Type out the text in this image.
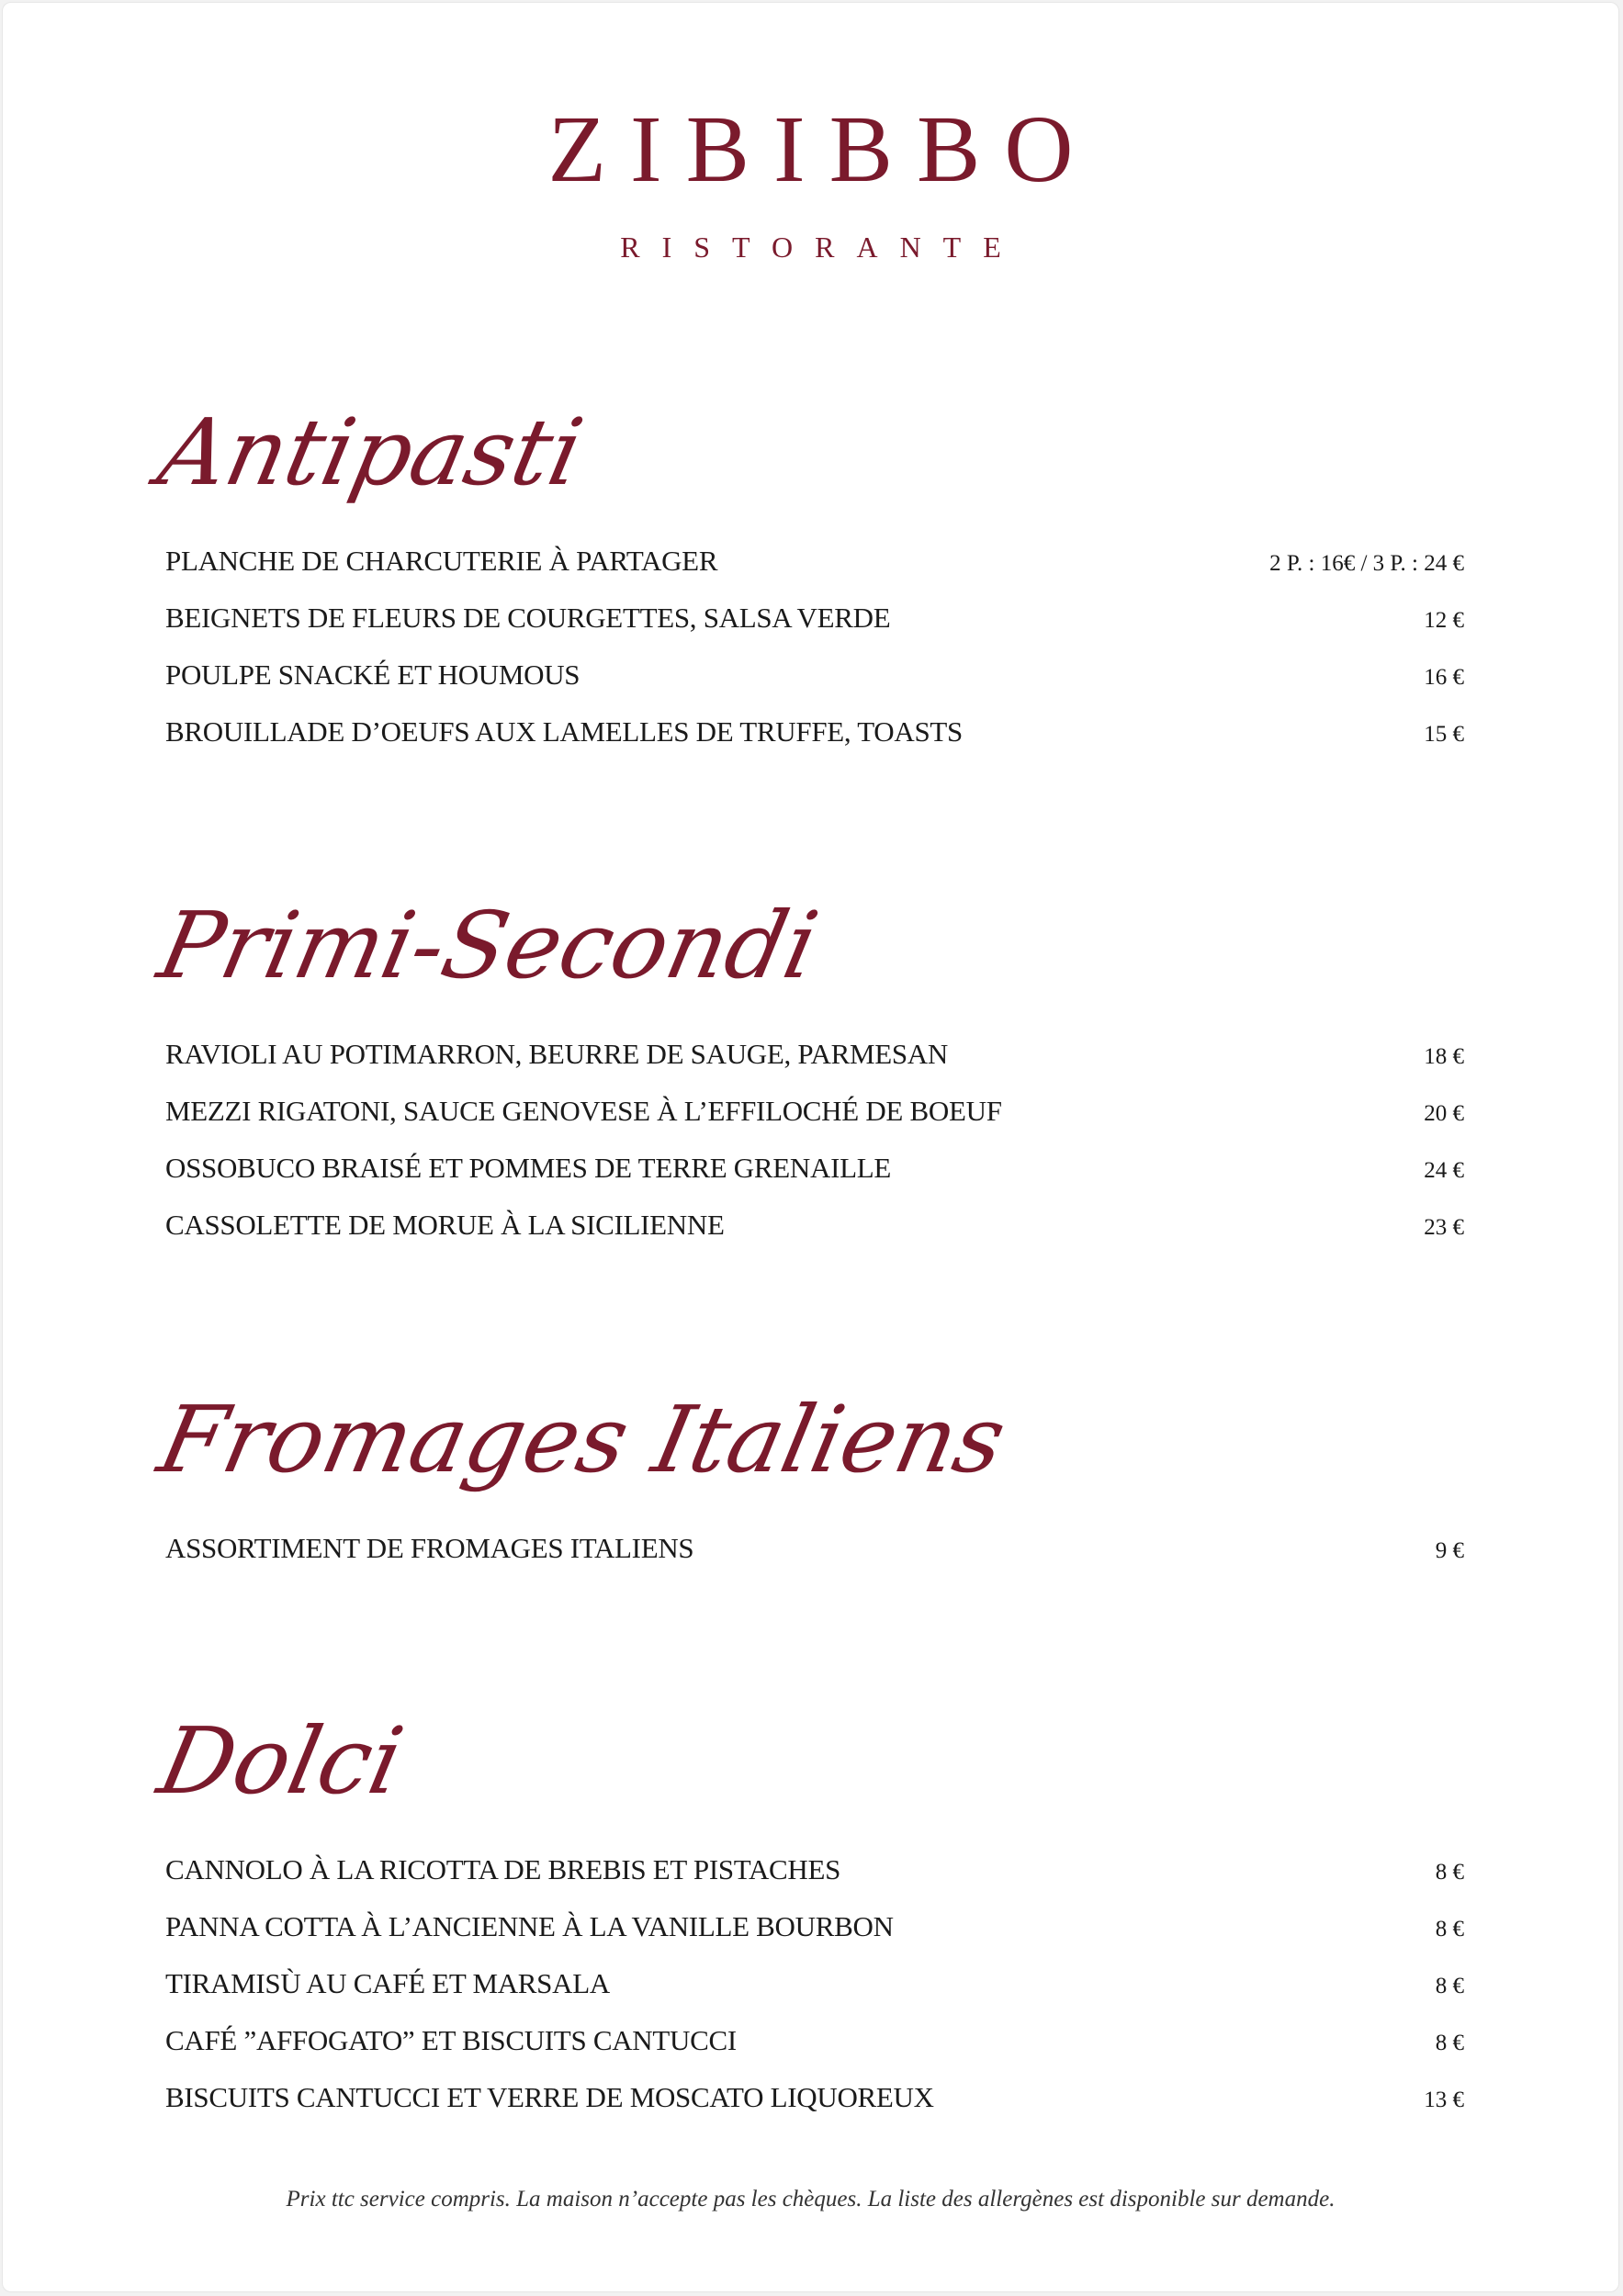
ZIBIBBO
RISTORANTE
Antipasti
PLANCHE DE CHARCUTERIE À PARTAGER	2 P. : 16€ / 3 P. : 24 €
BEIGNETS DE FLEURS DE COURGETTES, SALSA VERDE	12 €
POULPE SNACKÉ ET HOUMOUS	16 €
BROUILLADE D’OEUFS AUX LAMELLES DE TRUFFE, TOASTS	15 €
Primi-Secondi
RAVIOLI AU POTIMARRON, BEURRE DE SAUGE, PARMESAN	18 €
MEZZI RIGATONI, SAUCE GENOVESE À L’EFFILOCHÉ DE BOEUF	20 €
OSSOBUCO BRAISÉ ET POMMES DE TERRE GRENAILLE	24 €
CASSOLETTE DE MORUE À LA SICILIENNE	23 €
Fromages Italiens
ASSORTIMENT DE FROMAGES ITALIENS	9 €
Dolci
CANNOLO À LA RICOTTA DE BREBIS ET PISTACHES	8 €
PANNA COTTA À L’ANCIENNE À LA VANILLE BOURBON	8 €
TIRAMISÙ AU CAFÉ ET MARSALA	8 €
CAFÉ ”AFFOGATO” ET BISCUITS CANTUCCI	8 €
BISCUITS CANTUCCI ET VERRE DE MOSCATO LIQUOREUX	13 €
Prix ttc service compris. La maison n’accepte pas les chèques. La liste des allergènes est disponible sur demande.
